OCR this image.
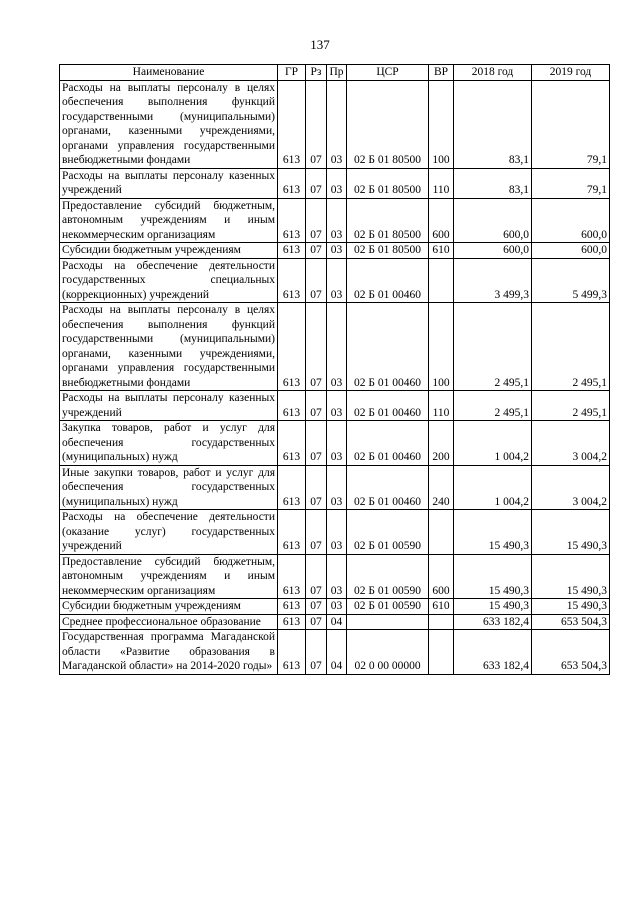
137
Наименование	ГР	Рз	Пр	ЦСР	ВР	2018 год	2019 год
Расходы на выплаты персоналу в целях обеспечения выполнения функций государственными (муниципальными) органами, казенными учреждениями, органами управления государственными внебюджетными фондами	613	07	03	02 Б 01 80500	100	83,1	79,1
Расходы на выплаты персоналу казенных учреждений	613	07	03	02 Б 01 80500	110	83,1	79,1
Предоставление субсидий бюджетным, автономным учреждениям и иным некоммерческим организациям	613	07	03	02 Б 01 80500	600	600,0	600,0
Субсидии бюджетным учреждениям	613	07	03	02 Б 01 80500	610	600,0	600,0
Расходы на обеспечение деятельности государственных специальных (коррекционных) учреждений	613	07	03	02 Б 01 00460		3 499,3	5 499,3
Расходы на выплаты персоналу в целях обеспечения выполнения функций государственными (муниципальными) органами, казенными учреждениями, органами управления государственными внебюджетными фондами	613	07	03	02 Б 01 00460	100	2 495,1	2 495,1
Расходы на выплаты персоналу казенных учреждений	613	07	03	02 Б 01 00460	110	2 495,1	2 495,1
Закупка товаров, работ и услуг для обеспечения государственных (муниципальных) нужд	613	07	03	02 Б 01 00460	200	1 004,2	3 004,2
Иные закупки товаров, работ и услуг для обеспечения государственных (муниципальных) нужд	613	07	03	02 Б 01 00460	240	1 004,2	3 004,2
Расходы на обеспечение деятельности (оказание услуг) государственных учреждений	613	07	03	02 Б 01 00590		15 490,3	15 490,3
Предоставление субсидий бюджетным, автономным учреждениям и иным некоммерческим организациям	613	07	03	02 Б 01 00590	600	15 490,3	15 490,3
Субсидии бюджетным учреждениям	613	07	03	02 Б 01 00590	610	15 490,3	15 490,3
Среднее профессиональное образование	613	07	04			633 182,4	653 504,3
Государственная программа Магаданской области «Развитие образования в Магаданской области» на 2014-2020 годы»	613	07	04	02 0 00 00000		633 182,4	653 504,3
